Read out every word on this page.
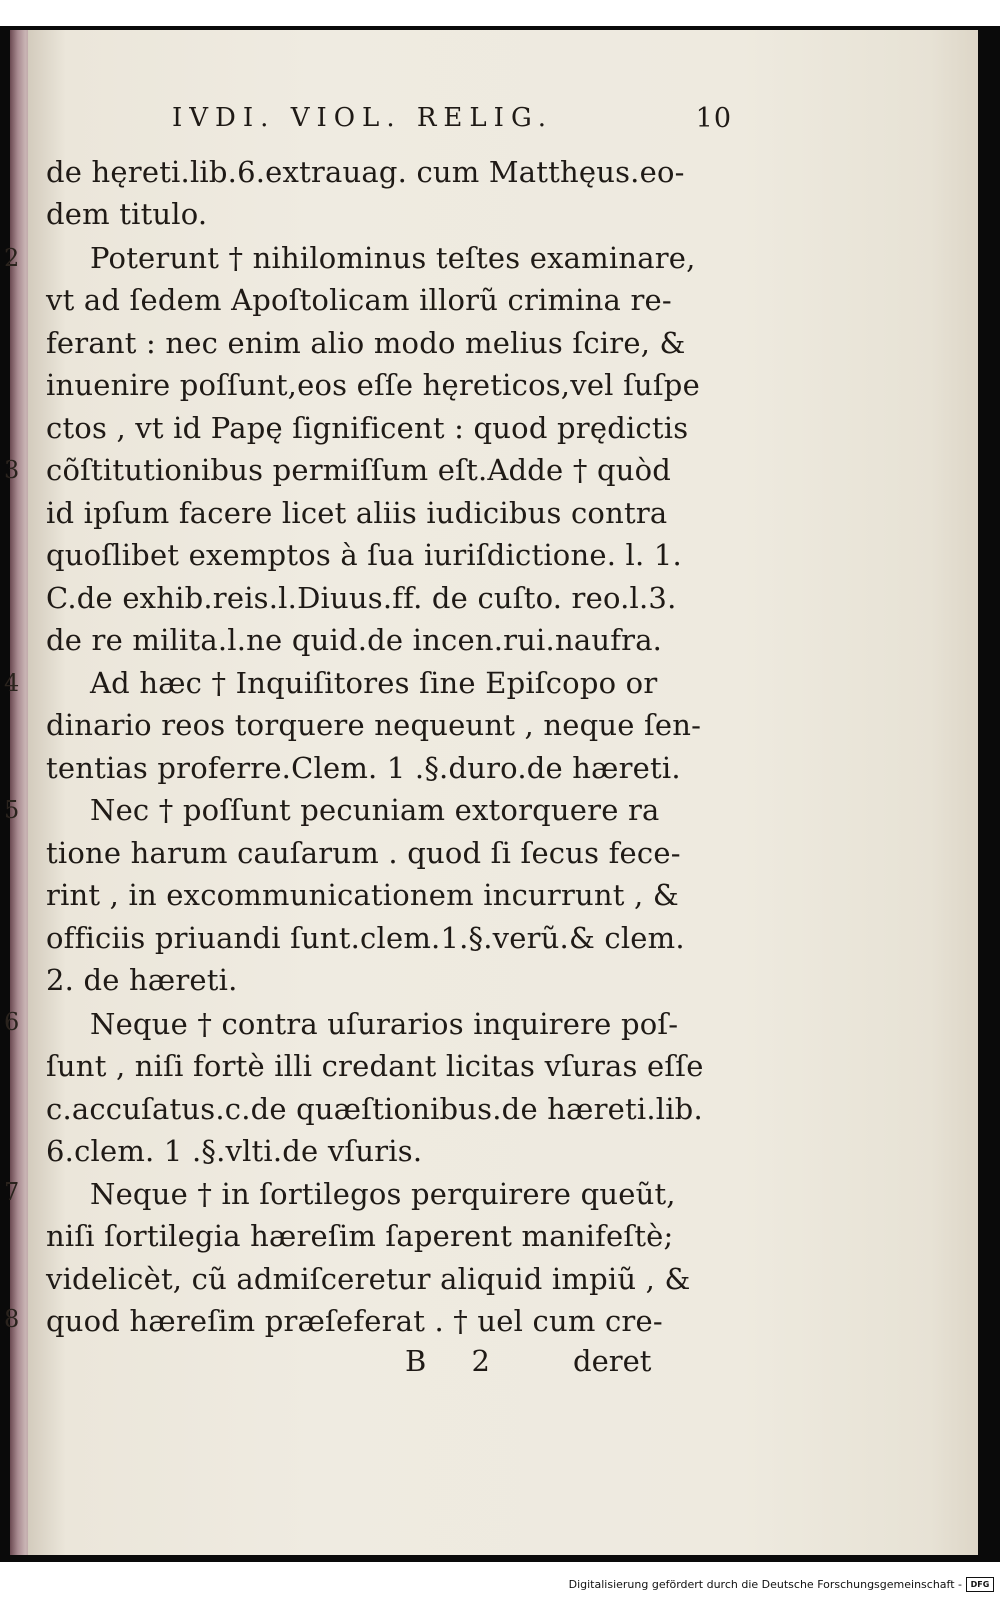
IVDI. VIOL. RELIG.	10
de hęreti.lib.6.extrauag. cum Matthęus.eo-
dem titulo.
Poterunt † nihilominus teſtes examinare,
vt ad ſedem Apoſtolicam illorũ crimina re-
ferant : nec enim alio modo melius ſcire, &
inuenire poſſunt,eos eſſe hęreticos,vel ſuſpe
ctos , vt id Papę ſignificent : quod prędictis
cõſtitutionibus permiſſum eſt.Adde † quòd
id ipſum facere licet aliis iudicibus contra
quoſlibet exemptos à ſua iuriſdictione. l. 1.
C.de exhib.reis.l.Diuus.ff. de cuſto. reo.l.3.
de re milita.l.ne quid.de incen.rui.naufra.
Ad hæc † Inquiſitores ſine Epiſcopo or
dinario reos torquere nequeunt , neque ſen-
tentias proferre.Clem. 1 .§.duro.de hæreti.
Nec † poſſunt pecuniam extorquere ra
tione harum cauſarum . quod ſi ſecus fece-
rint , in excommunicationem incurrunt , &
officiis priuandi ſunt.clem.1.§.verũ.& clem.
2. de hæreti.
Neque † contra uſurarios inquirere poſ-
ſunt , niſi fortè illi credant licitas vſuras eſſe
c.accuſatus.c.de quæſtionibus.de hæreti.lib.
6.clem. 1 .§.vlti.de vſuris.
Neque † in ſortilegos perquirere queũt,
niſi ſortilegia hæreſim ſaperent manifeſtè;
videlicèt, cũ admiſceretur aliquid impiũ , &
quod hæreſim præſeferat . † uel cum cre-
2
3
4
5
6
7
8
B 2 deret
Digitalisierung gefördert durch die Deutsche Forschungsgemeinschaft -	DFG
